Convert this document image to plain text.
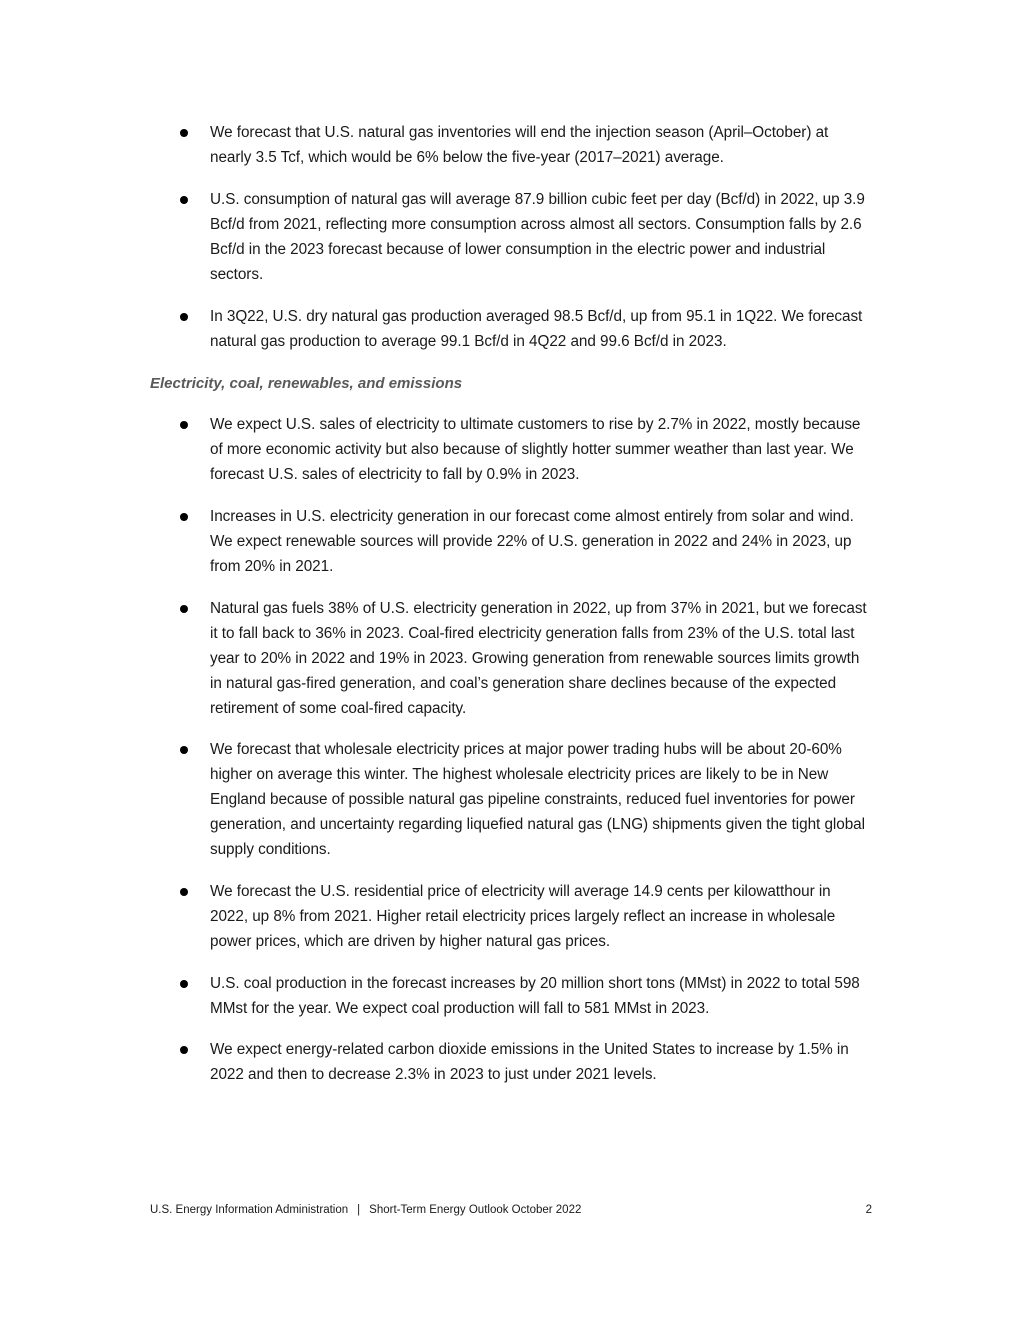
We forecast that U.S. natural gas inventories will end the injection season (April–October) at nearly 3.5 Tcf, which would be 6% below the five-year (2017–2021) average.
U.S. consumption of natural gas will average 87.9 billion cubic feet per day (Bcf/d) in 2022, up 3.9 Bcf/d from 2021, reflecting more consumption across almost all sectors. Consumption falls by 2.6 Bcf/d in the 2023 forecast because of lower consumption in the electric power and industrial sectors.
In 3Q22, U.S. dry natural gas production averaged 98.5 Bcf/d, up from 95.1 in 1Q22. We forecast natural gas production to average 99.1 Bcf/d in 4Q22 and 99.6 Bcf/d in 2023.
Electricity, coal, renewables, and emissions
We expect U.S. sales of electricity to ultimate customers to rise by 2.7% in 2022, mostly because of more economic activity but also because of slightly hotter summer weather than last year. We forecast U.S. sales of electricity to fall by 0.9% in 2023.
Increases in U.S. electricity generation in our forecast come almost entirely from solar and wind. We expect renewable sources will provide 22% of U.S. generation in 2022 and 24% in 2023, up from 20% in 2021.
Natural gas fuels 38% of U.S. electricity generation in 2022, up from 37% in 2021, but we forecast it to fall back to 36% in 2023. Coal-fired electricity generation falls from 23% of the U.S. total last year to 20% in 2022 and 19% in 2023. Growing generation from renewable sources limits growth in natural gas-fired generation, and coal’s generation share declines because of the expected retirement of some coal-fired capacity.
We forecast that wholesale electricity prices at major power trading hubs will be about 20-60% higher on average this winter. The highest wholesale electricity prices are likely to be in New England because of possible natural gas pipeline constraints, reduced fuel inventories for power generation, and uncertainty regarding liquefied natural gas (LNG) shipments given the tight global supply conditions.
We forecast the U.S. residential price of electricity will average 14.9 cents per kilowatthour in 2022, up 8% from 2021. Higher retail electricity prices largely reflect an increase in wholesale power prices, which are driven by higher natural gas prices.
U.S. coal production in the forecast increases by 20 million short tons (MMst) in 2022 to total 598 MMst for the year. We expect coal production will fall to 581 MMst in 2023.
We expect energy-related carbon dioxide emissions in the United States to increase by 1.5% in 2022 and then to decrease 2.3% in 2023 to just under 2021 levels.
U.S. Energy Information Administration | Short-Term Energy Outlook October 2022	2
